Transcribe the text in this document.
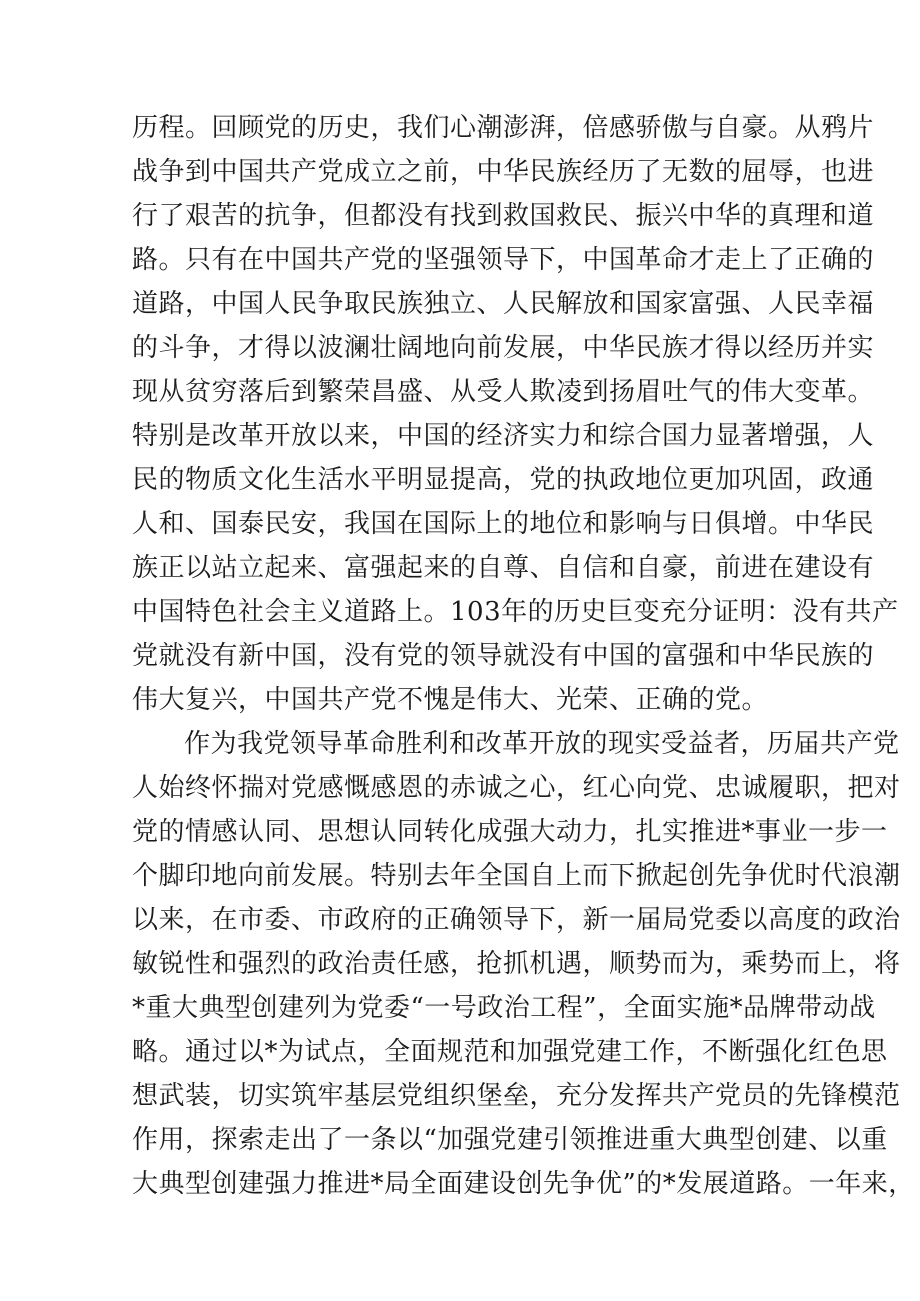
历程。回顾党的历史，我们心潮澎湃，倍感骄傲与自豪。从鸦片
战争到中国共产党成立之前，中华民族经历了无数的屈辱，也进
行了艰苦的抗争，但都没有找到救国救民、振兴中华的真理和道
路。只有在中国共产党的坚强领导下，中国革命才走上了正确的
道路，中国人民争取民族独立、人民解放和国家富强、人民幸福
的斗争，才得以波澜壮阔地向前发展，中华民族才得以经历并实
现从贫穷落后到繁荣昌盛、从受人欺凌到扬眉吐气的伟大变革。
特别是改革开放以来，中国的经济实力和综合国力显著增强，人
民的物质文化生活水平明显提高，党的执政地位更加巩固，政通
人和、国泰民安，我国在国际上的地位和影响与日俱增。中华民
族正以站立起来、富强起来的自尊、自信和自豪，前进在建设有
中国特色社会主义道路上。103年的历史巨变充分证明：没有共产
党就没有新中国，没有党的领导就没有中国的富强和中华民族的
伟大复兴，中国共产党不愧是伟大、光荣、正确的党。
作为我党领导革命胜利和改革开放的现实受益者，历届共产党
人始终怀揣对党感慨感恩的赤诚之心，红心向党、忠诚履职，把对
党的情感认同、思想认同转化成强大动力，扎实推进*事业一步一
个脚印地向前发展。特别去年全国自上而下掀起创先争优时代浪潮
以来，在市委、市政府的正确领导下，新一届局党委以高度的政治
敏锐性和强烈的政治责任感，抢抓机遇，顺势而为，乘势而上，将
*重大典型创建列为党委“一号政治工程”，全面实施*品牌带动战
略。通过以*为试点，全面规范和加强党建工作，不断强化红色思
想武装，切实筑牢基层党组织堡垒，充分发挥共产党员的先锋模范
作用，探索走出了一条以“加强党建引领推进重大典型创建、以重
大典型创建强力推进*局全面建设创先争优”的*发展道路。一年来，
